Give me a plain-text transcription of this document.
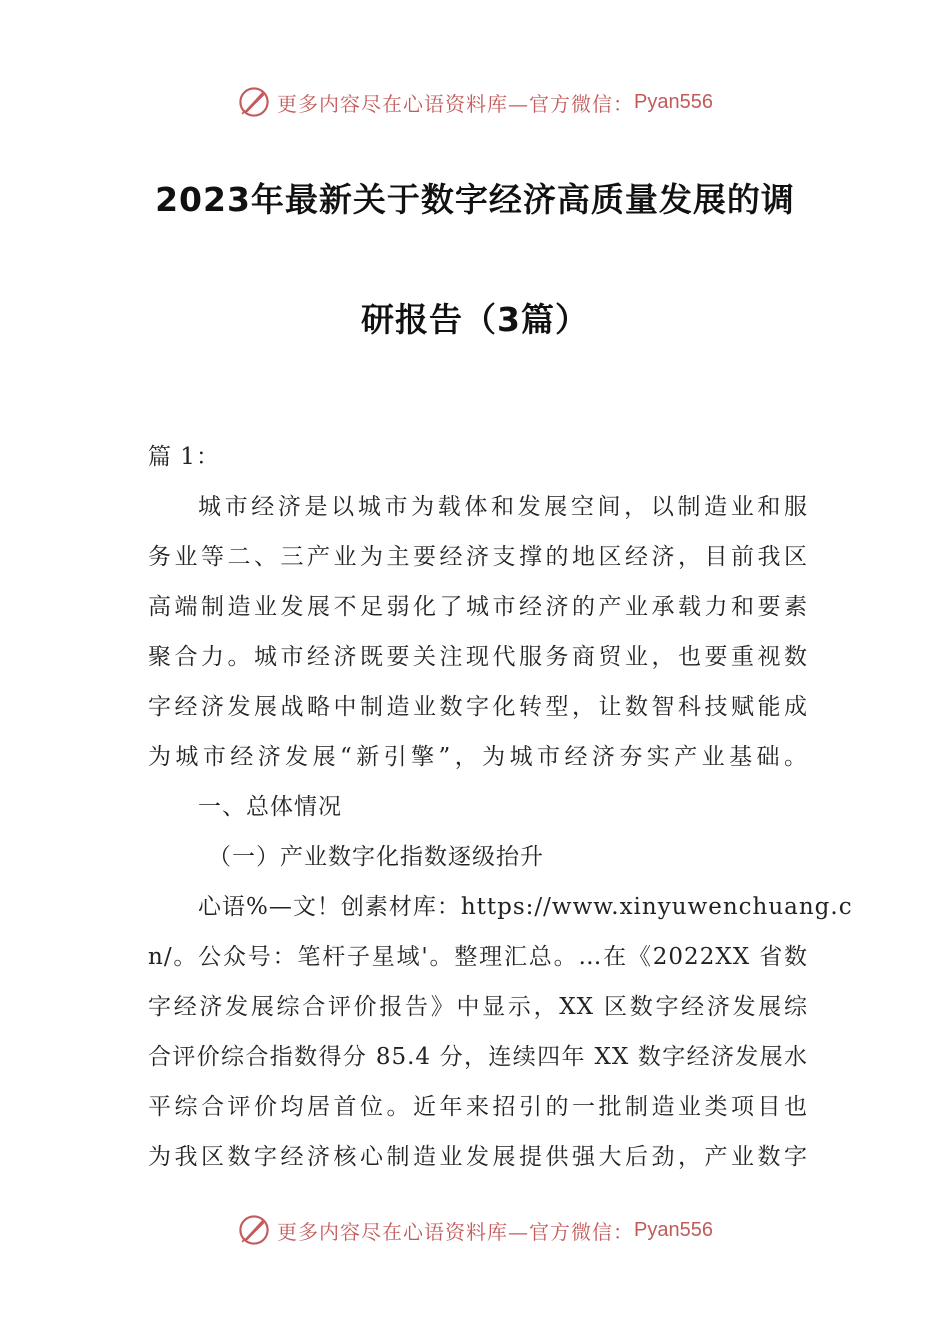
更多内容尽在心语资料库—官方微信： Pyan556
2023年最新关于数字经济高质量发展的调
研报告（3篇）
篇 1：
城市经济是以城市为载体和发展空间，以制造业和服
务业等二、三产业为主要经济支撑的地区经济，目前我区
高端制造业发展不足弱化了城市经济的产业承载力和要素
聚合力。城市经济既要关注现代服务商贸业，也要重视数
字经济发展战略中制造业数字化转型，让数智科技赋能成
为城市经济发展“新引擎”，为城市经济夯实产业基础。
一、总体情况
（一）产业数字化指数逐级抬升
心语%—文！创素材库：https://www.xinyuwenchuang.c
n/。公众号：笔杆子星域'。整理汇总。…在《2022XX 省数
字经济发展综合评价报告》中显示，XX 区数字经济发展综
合评价综合指数得分 85.4 分，连续四年 XX 数字经济发展水
平综合评价均居首位。近年来招引的一批制造业类项目也
为我区数字经济核心制造业发展提供强大后劲，产业数字
更多内容尽在心语资料库—官方微信： Pyan556
